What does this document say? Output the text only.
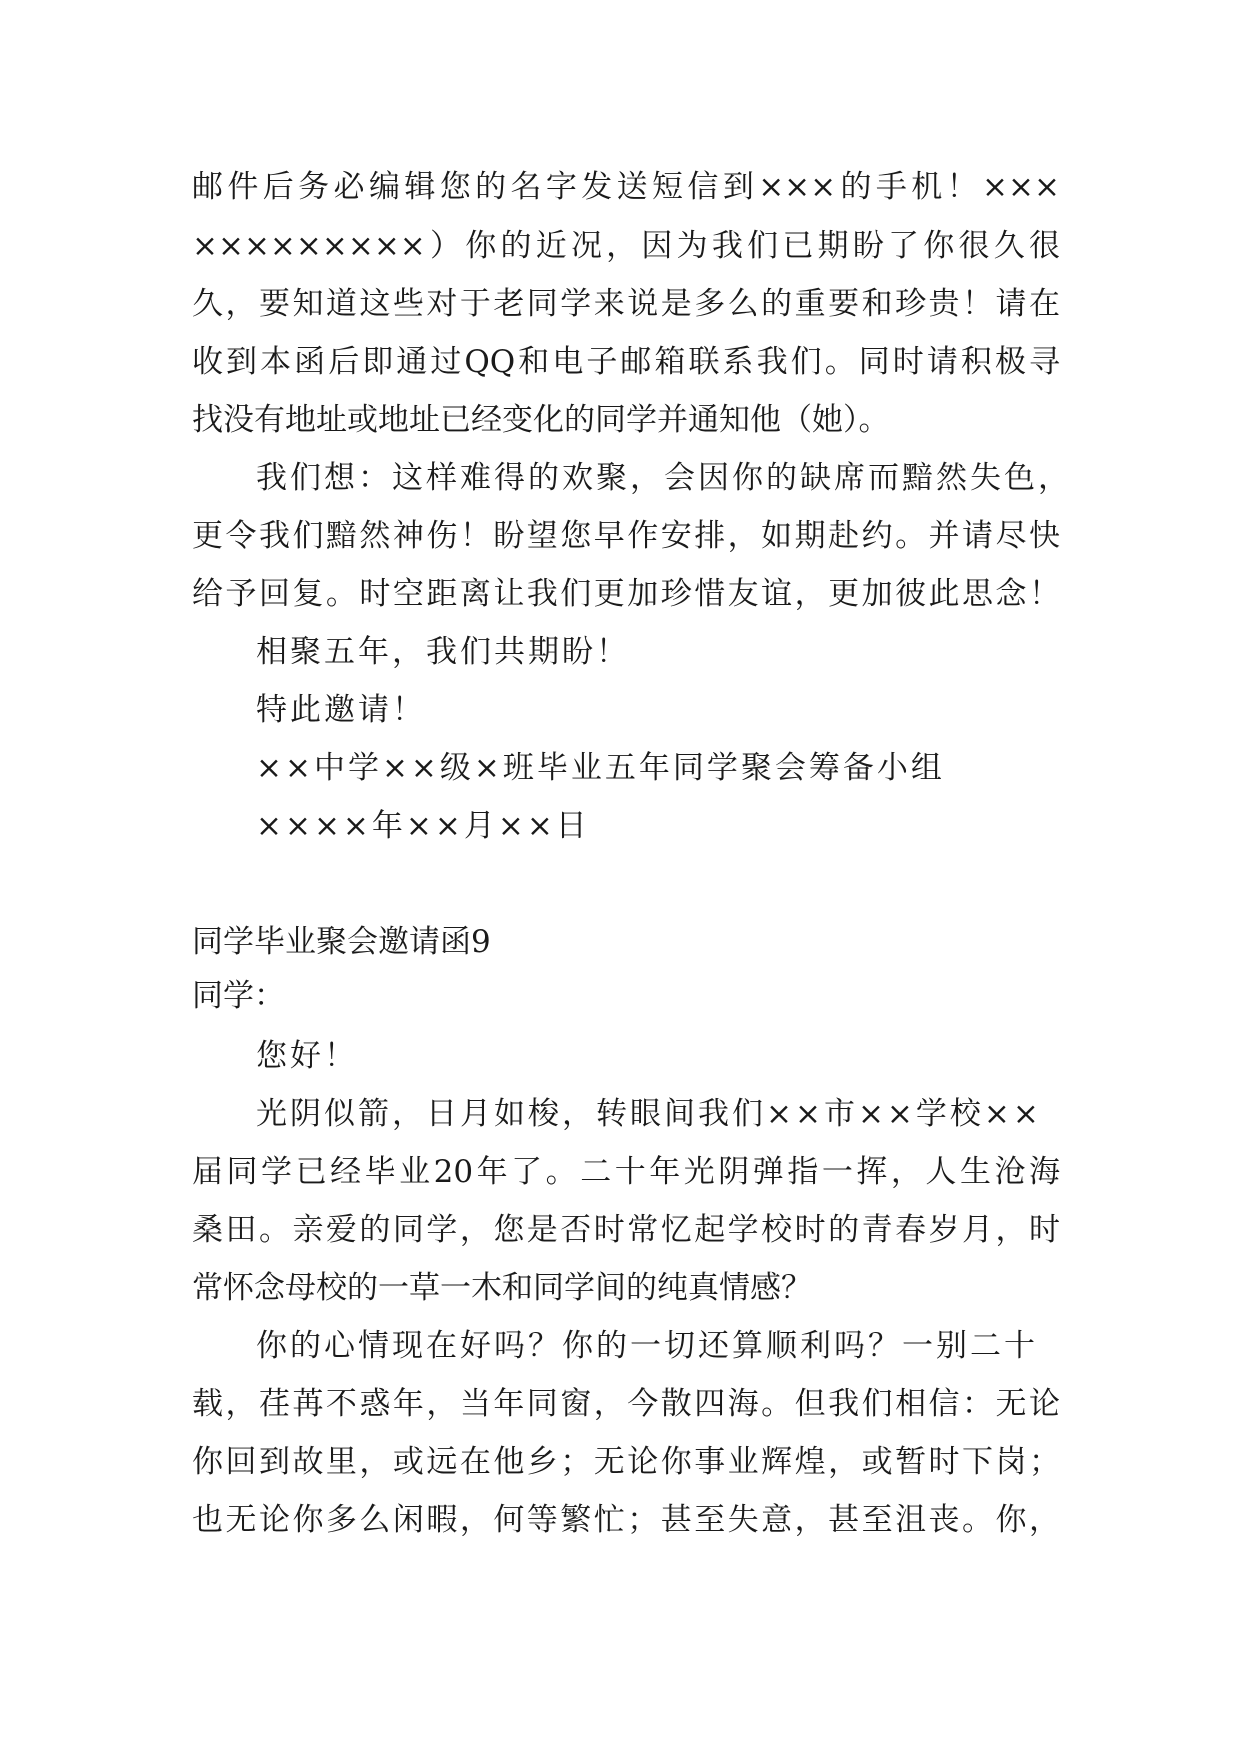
邮件后务必编辑您的名字发送短信到×××的手机！×××
×××××××××）你的近况，因为我们已期盼了你很久很
久，要知道这些对于老同学来说是多么的重要和珍贵！请在
收到本函后即通过QQ和电子邮箱联系我们。同时请积极寻
找没有地址或地址已经变化的同学并通知他（她）。
我们想：这样难得的欢聚，会因你的缺席而黯然失色，
更令我们黯然神伤！盼望您早作安排，如期赴约。并请尽快
给予回复。时空距离让我们更加珍惜友谊，更加彼此思念！
相聚五年，我们共期盼！
特此邀请！
××中学××级×班毕业五年同学聚会筹备小组
××××年××月××日
同学毕业聚会邀请函9
同学：
您好！
光阴似箭，日月如梭，转眼间我们××市××学校××
届同学已经毕业20年了。二十年光阴弹指一挥，人生沧海
桑田。亲爱的同学，您是否时常忆起学校时的青春岁月，时
常怀念母校的一草一木和同学间的纯真情感？
你的心情现在好吗？你的一切还算顺利吗？一别二十
载，荏苒不惑年，当年同窗，今散四海。但我们相信：无论
你回到故里，或远在他乡；无论你事业辉煌，或暂时下岗；
也无论你多么闲暇，何等繁忙；甚至失意，甚至沮丧。你，
